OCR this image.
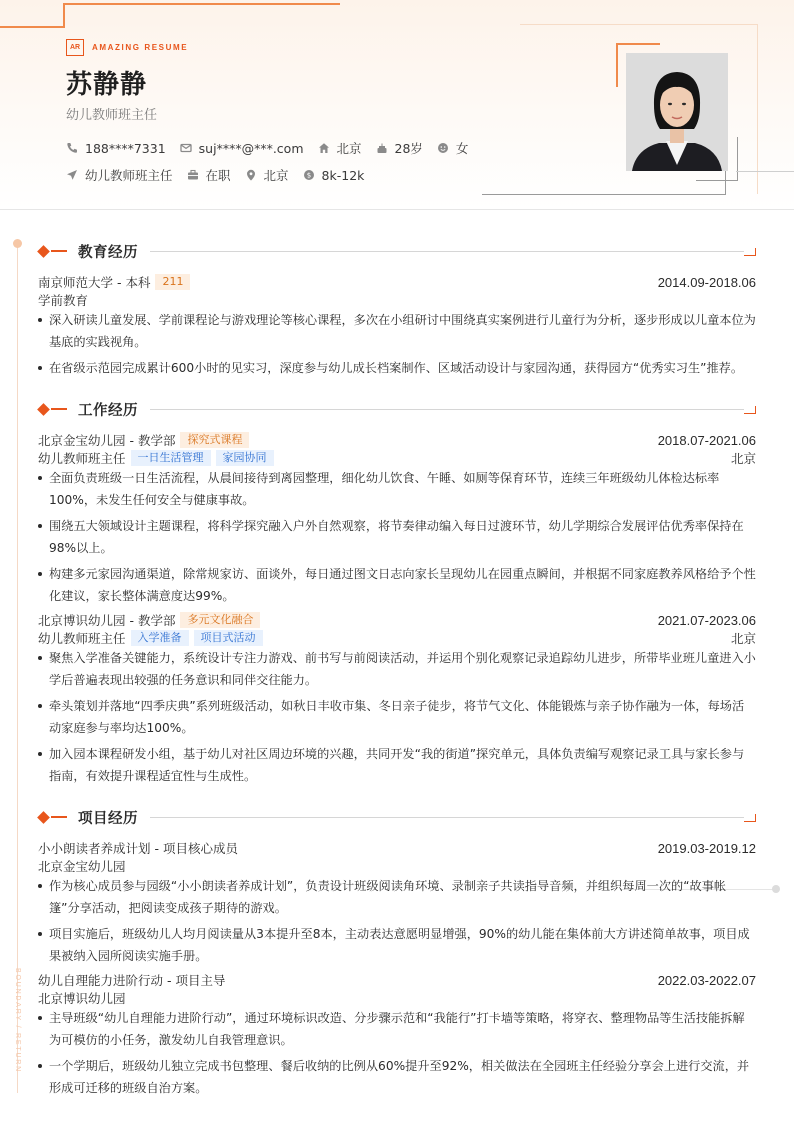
AR	AMAZING RESUME
苏静静
幼儿教师班主任
188****7331	suj****@***.com	北京	28岁	女
幼儿教师班主任	在职	北京	$ 8k-12k
BOUNDARY / RETURN
教育经历
南京师范大学 - 本科	211	2014.09-2018.06
学前教育
深入研读儿童发展、学前课程论与游戏理论等核心课程，多次在小组研讨中围绕真实案例进行儿童行为分析，逐步形成以儿童本位为基底的实践视角。
在省级示范园完成累计600小时的见实习，深度参与幼儿成长档案制作、区域活动设计与家园沟通，获得园方“优秀实习生”推荐。
工作经历
北京金宝幼儿园 - 教学部	探究式课程	2018.07-2021.06
幼儿教师班主任	一日生活管理	家园协同	北京
全面负责班级一日生活流程，从晨间接待到离园整理，细化幼儿饮食、午睡、如厕等保育环节，连续三年班级幼儿体检达标率100%，未发生任何安全与健康事故。
围绕五大领域设计主题课程，将科学探究融入户外自然观察，将节奏律动编入每日过渡环节，幼儿学期综合发展评估优秀率保持在98%以上。
构建多元家园沟通渠道，除常规家访、面谈外，每日通过图文日志向家长呈现幼儿在园重点瞬间，并根据不同家庭教养风格给予个性化建议，家长整体满意度达99%。
北京博识幼儿园 - 教学部	多元文化融合	2021.07-2023.06
幼儿教师班主任	入学准备	项目式活动	北京
聚焦入学准备关键能力，系统设计专注力游戏、前书写与前阅读活动，并运用个别化观察记录追踪幼儿进步，所带毕业班儿童进入小学后普遍表现出较强的任务意识和同伴交往能力。
牵头策划并落地“四季庆典”系列班级活动，如秋日丰收市集、冬日亲子徒步，将节气文化、体能锻炼与亲子协作融为一体，每场活动家庭参与率均达100%。
加入园本课程研发小组，基于幼儿对社区周边环境的兴趣，共同开发“我的街道”探究单元，具体负责编写观察记录工具与家长参与指南，有效提升课程适宜性与生成性。
项目经历
小小朗读者养成计划 - 项目核心成员	2019.03-2019.12
北京金宝幼儿园
作为核心成员参与园级“小小朗读者养成计划”，负责设计班级阅读角环境、录制亲子共读指导音频，并组织每周一次的“故事帐篷”分享活动，把阅读变成孩子期待的游戏。
项目实施后，班级幼儿人均月阅读量从3本提升至8本，主动表达意愿明显增强，90%的幼儿能在集体前大方讲述简单故事，项目成果被纳入园所阅读实施手册。
幼儿自理能力进阶行动 - 项目主导	2022.03-2022.07
北京博识幼儿园
主导班级“幼儿自理能力进阶行动”，通过环境标识改造、分步骤示范和“我能行”打卡墙等策略，将穿衣、整理物品等生活技能拆解为可模仿的小任务，激发幼儿自我管理意识。
一个学期后，班级幼儿独立完成书包整理、餐后收纳的比例从60%提升至92%，相关做法在全园班主任经验分享会上进行交流，并形成可迁移的班级自治方案。
